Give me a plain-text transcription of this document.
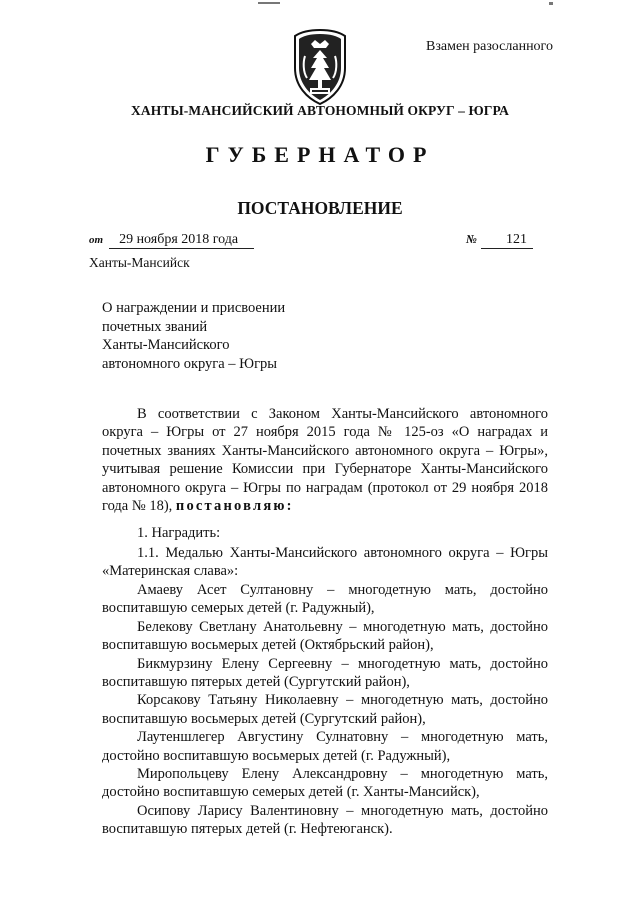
Взамен разосланного
ХАНТЫ-МАНСИЙСКИЙ АВТОНОМНЫЙ ОКРУГ – ЮГРА
ГУБЕРНАТОР
ПОСТАНОВЛЕНИЕ
от 29 ноября 2018 года	№ 121
Ханты-Мансийск
О награждении и присвоении
почетных званий
Ханты-Мансийского
автономного округа – Югры

В соответствии с Законом Ханты-Мансийского автономного округа – Югры от 27 ноября 2015 года № 125-оз «О наградах и почетных званиях Ханты-Мансийского автономного округа – Югры», учитывая решение Комиссии при Губернаторе Ханты-Мансийского автономного округа – Югры по наградам (протокол от 29 ноября 2018 года № 18), постановляю:

1. Наградить:

1.1. Медалью Ханты-Мансийского автономного округа – Югры «Материнская слава»:

Амаеву Асет Султановну – многодетную мать, достойно воспитавшую семерых детей (г. Радужный),

Белекову Светлану Анатольевну – многодетную мать, достойно воспитавшую восьмерых детей (Октябрьский район),

Бикмурзину Елену Сергеевну – многодетную мать, достойно воспитавшую пятерых детей (Сургутский район),

Корсакову Татьяну Николаевну – многодетную мать, достойно воспитавшую восьмерых детей (Сургутский район),

Лаутеншлегер Августину Сулнатовну – многодетную мать, достойно воспитавшую восьмерых детей (г. Радужный),

Миропольцеву Елену Александровну – многодетную мать, достойно воспитавшую семерых детей (г. Ханты-Мансийск),

Осипову Ларису Валентиновну – многодетную мать, достойно воспитавшую пятерых детей (г. Нефтеюганск).
